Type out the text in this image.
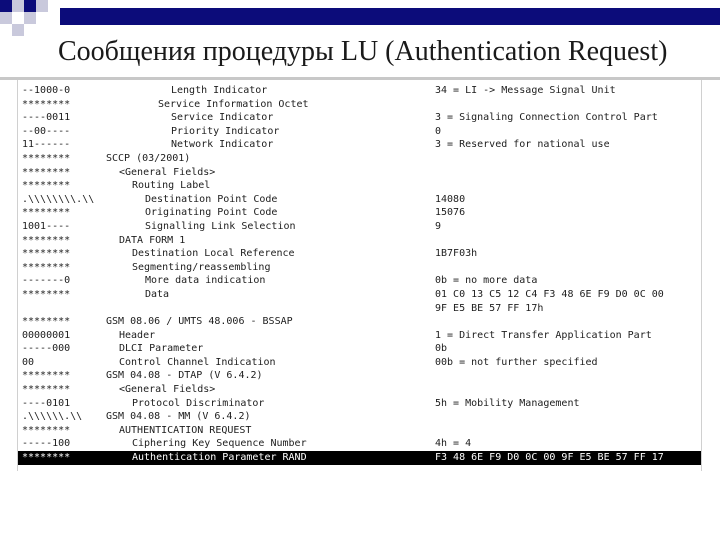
Сообщения процедуры LU (Authentication Request)
--1000-0	Length Indicator	34 = LI -> Message Signal Unit
********	Service Information Octet
----0011	Service Indicator	3 = Signaling Connection Control Part
--00----	Priority Indicator	0
11------	Network Indicator	3 = Reserved for national use
********	SCCP (03/2001)
********	<General Fields>
********	Routing Label
.\\\\\\\\.\\	Destination Point Code	14080
********	Originating Point Code	15076
1001----	Signalling Link Selection	9
********	DATA FORM 1
********	Destination Local Reference	1B7F03h
********	Segmenting/reassembling
-------0	More data indication	0b = no more data
********	Data	01 C0 13 C5 12 C4 F3 48 6E F9 D0 0C 00
9F E5 BE 57 FF 17h
********	GSM 08.06 / UMTS 48.006 - BSSAP
00000001	Header	1 = Direct Transfer Application Part
-----000	DLCI Parameter	0b
00	Control Channel Indication	00b = not further specified
********	GSM 04.08 - DTAP (V 6.4.2)
********	<General Fields>
----0101	Protocol Discriminator	5h = Mobility Management
.\\\\\\.\\ GSM 04.08 - MM (V 6.4.2)
********	AUTHENTICATION REQUEST
-----100	Ciphering Key Sequence Number	4h = 4
********	Authentication Parameter RAND	F3 48 6E F9 D0 0C 00 9F E5 BE 57 FF 17
